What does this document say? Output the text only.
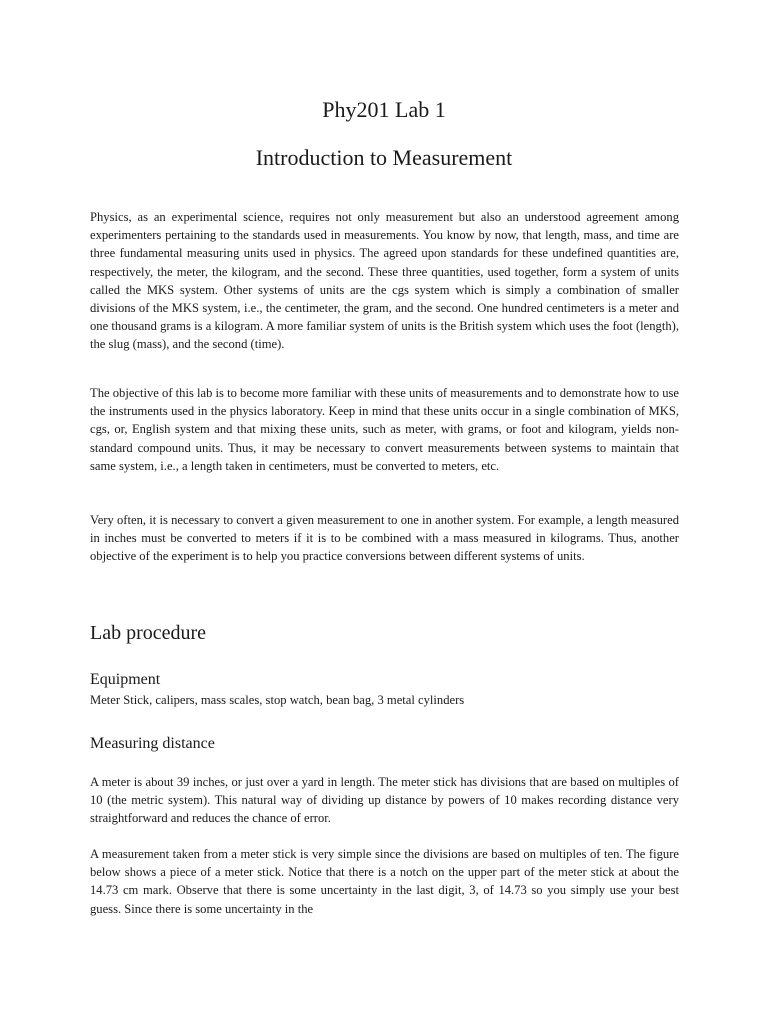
Phy201 Lab 1
Introduction to Measurement

Physics, as an experimental science, requires not only measurement but also an understood agreement among experimenters pertaining to the standards used in measurements. You know by now, that length, mass, and time are three fundamental measuring units used in physics. The agreed upon standards for these undefined quantities are, respectively, the meter, the kilogram, and the second. These three quantities, used together, form a system of units called the MKS system. Other systems of units are the cgs system which is simply a combination of smaller divisions of the MKS system, i.e., the centimeter, the gram, and the second. One hundred centimeters is a meter and one thousand grams is a kilogram. A more familiar system of units is the British system which uses the foot (length), the slug (mass), and the second (time).

The objective of this lab is to become more familiar with these units of measurements and to demonstrate how to use the instruments used in the physics laboratory. Keep in mind that these units occur in a single combination of MKS, cgs, or, English system and that mixing these units, such as meter, with grams, or foot and kilogram, yields non-standard compound units. Thus, it may be necessary to convert measurements between systems to maintain that same system, i.e., a length taken in centimeters, must be converted to meters, etc.

Very often, it is necessary to convert a given measurement to one in another system. For example, a length measured in inches must be converted to meters if it is to be combined with a mass measured in kilograms. Thus, another objective of the experiment is to help you practice conversions between different systems of units.

Lab procedure
Equipment

Meter Stick, calipers, mass scales, stop watch, bean bag, 3 metal cylinders

Measuring distance

A meter is about 39 inches, or just over a yard in length. The meter stick has divisions that are based on multiples of 10 (the metric system). This natural way of dividing up distance by powers of 10 makes recording distance very straightforward and reduces the chance of error.

A measurement taken from a meter stick is very simple since the divisions are based on multiples of ten. The figure below shows a piece of a meter stick. Notice that there is a notch on the upper part of the meter stick at about the 14.73 cm mark. Observe that there is some uncertainty in the last digit, 3, of 14.73 so you simply use your best guess. Since there is some uncertainty in the
